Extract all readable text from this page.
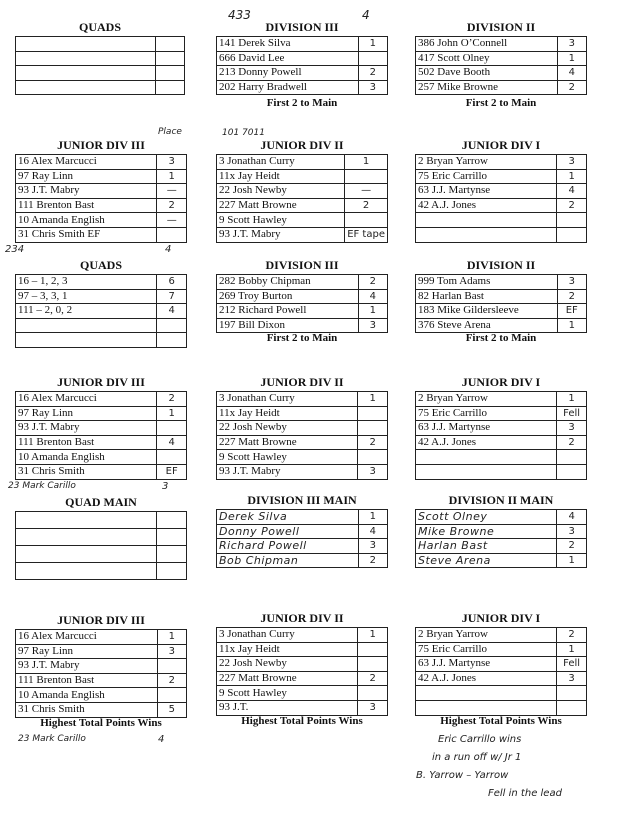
433	4
QUADS

		DIVISION III
141 Derek Silva	1
666 David Lee	
213 Donny Powell	2
202 Harry Bradwell	3
First 2 to Main
DIVISION II
386 John O’Connell	3
417 Scott Olney	1
502 Dave Booth	4
257 Mike Browne	2
First 2 to Main
Place	101 7011
JUNIOR DIV III
16 Alex Marcucci	3
97 Ray Linn	1
93 J.T. Mabry	—
111 Brenton Bast	2
10 Amanda English	—
31 Chris Smith EF	
234	4
JUNIOR DIV II
3 Jonathan Curry	1
11x Jay Heidt	
22 Josh Newby	—
227 Matt Browne	2
9 Scott Hawley	
93 J.T. Mabry	EF tape
JUNIOR DIV I
2 Bryan Yarrow	3
75 Eric Carrillo	1
63 J.J. Martynse	4
42 A.J. Jones	2

QUADS
16 – 1, 2, 3	6
97 – 3, 3, 1	7
111 – 2, 0, 2	4

DIVISION III
282 Bobby Chipman	2
269 Troy Burton	4
212 Richard Powell	1
197 Bill Dixon	3
First 2 to Main
DIVISION II
999 Tom Adams	3
82 Harlan Bast	2
183 Mike Gildersleeve	EF
376 Steve Arena	1
First 2 to Main
JUNIOR DIV III
16 Alex Marcucci	2
97 Ray Linn	1
93 J.T. Mabry	
111 Brenton Bast	4
10 Amanda English	
31 Chris Smith	EF
23 Mark Carillo	3
JUNIOR DIV II
3 Jonathan Curry	1
11x Jay Heidt	
22 Josh Newby	
227 Matt Browne	2
9 Scott Hawley	
93 J.T. Mabry	3
JUNIOR DIV I
2 Bryan Yarrow	1
75 Eric Carrillo	Fell
63 J.J. Martynse	3
42 A.J. Jones	2

QUAD MAIN

		DIVISION III MAIN
Derek Silva	1
Donny Powell	4
Richard Powell	3
Bob Chipman	2
DIVISION II MAIN
Scott Olney	4
Mike Browne	3
Harlan Bast	2
Steve Arena	1
JUNIOR DIV III
16 Alex Marcucci	1
97 Ray Linn	3
93 J.T. Mabry	
111 Brenton Bast	2
10 Amanda English	
31 Chris Smith	5
Highest Total Points Wins
23 Mark Carillo	4
JUNIOR DIV II
3 Jonathan Curry	1
11x Jay Heidt	
22 Josh Newby	
227 Matt Browne	2
9 Scott Hawley	
93 J.T.	3
Highest Total Points Wins
JUNIOR DIV I
2 Bryan Yarrow	2
75 Eric Carrillo	1
63 J.J. Martynse	Fell
42 A.J. Jones	3

Highest Total Points Wins
Eric Carrillo wins
in a run off w/ Jr 1
B. Yarrow – Yarrow
Fell in the lead
